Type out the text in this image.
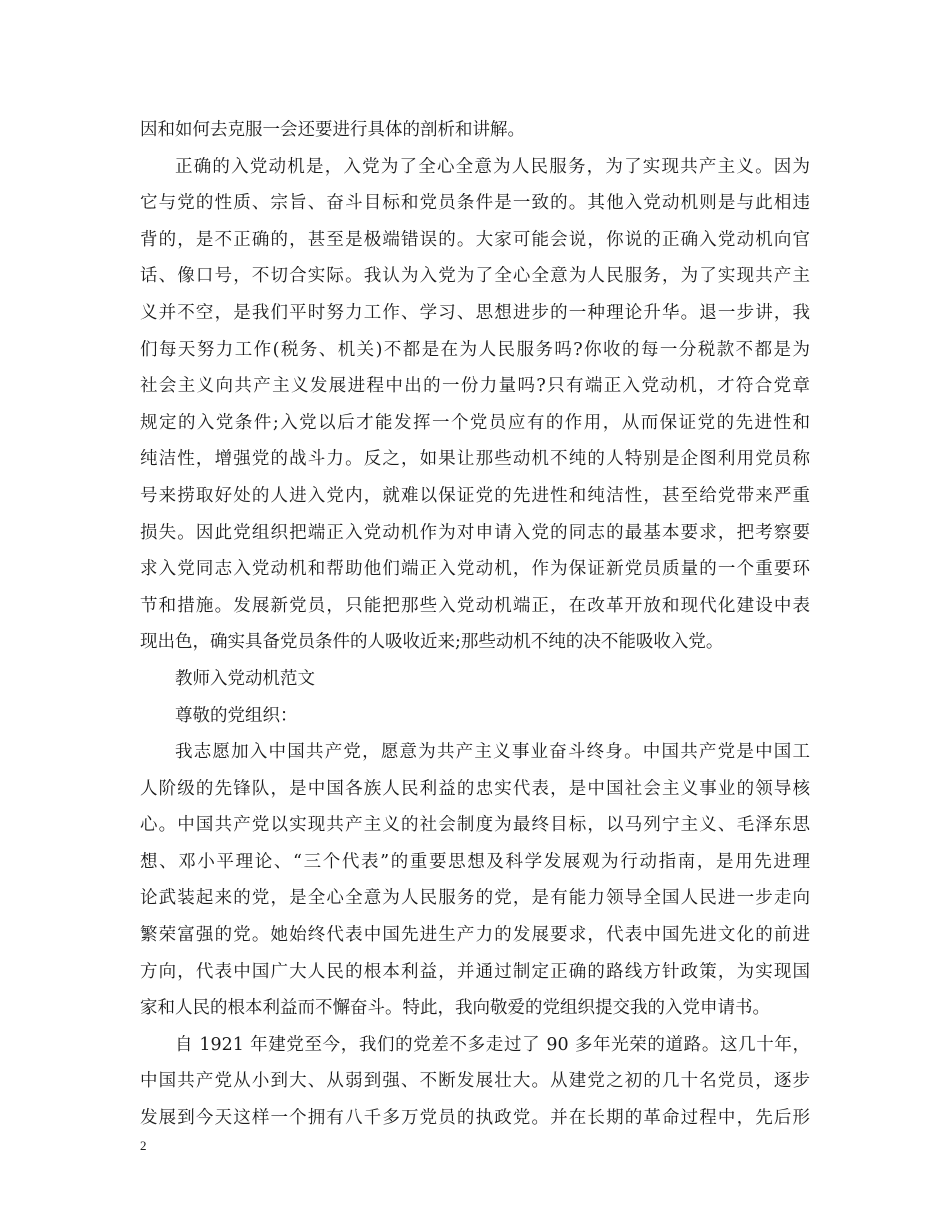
因和如何去克服一会还要进行具体的剖析和讲解。
正确的入党动机是，入党为了全心全意为人民服务，为了实现共产主义。因为
它与党的性质、宗旨、奋斗目标和党员条件是一致的。其他入党动机则是与此相违
背的，是不正确的，甚至是极端错误的。大家可能会说，你说的正确入党动机向官
话、像口号，不切合实际。我认为入党为了全心全意为人民服务，为了实现共产主
义并不空，是我们平时努力工作、学习、思想进步的一种理论升华。退一步讲，我
们每天努力工作(税务、机关)不都是在为人民服务吗?你收的每一分税款不都是为
社会主义向共产主义发展进程中出的一份力量吗?只有端正入党动机，才符合党章
规定的入党条件;入党以后才能发挥一个党员应有的作用，从而保证党的先进性和
纯洁性，增强党的战斗力。反之，如果让那些动机不纯的人特别是企图利用党员称
号来捞取好处的人进入党内，就难以保证党的先进性和纯洁性，甚至给党带来严重
损失。因此党组织把端正入党动机作为对申请入党的同志的最基本要求，把考察要
求入党同志入党动机和帮助他们端正入党动机，作为保证新党员质量的一个重要环
节和措施。发展新党员，只能把那些入党动机端正，在改革开放和现代化建设中表
现出色，确实具备党员条件的人吸收近来;那些动机不纯的决不能吸收入党。
教师入党动机范文
尊敬的党组织：
我志愿加入中国共产党，愿意为共产主义事业奋斗终身。中国共产党是中国工
人阶级的先锋队，是中国各族人民利益的忠实代表，是中国社会主义事业的领导核
心。中国共产党以实现共产主义的社会制度为最终目标，以马列宁主义、毛泽东思
想、邓小平理论、“三个代表”的重要思想及科学发展观为行动指南，是用先进理
论武装起来的党，是全心全意为人民服务的党，是有能力领导全国人民进一步走向
繁荣富强的党。她始终代表中国先进生产力的发展要求，代表中国先进文化的前进
方向，代表中国广大人民的根本利益，并通过制定正确的路线方针政策，为实现国
家和人民的根本利益而不懈奋斗。特此，我向敬爱的党组织提交我的入党申请书。
自 1921 年建党至今，我们的党差不多走过了 90 多年光荣的道路。这几十年，
中国共产党从小到大、从弱到强、不断发展壮大。从建党之初的几十名党员，逐步
发展到今天这样一个拥有八千多万党员的执政党。并在长期的革命过程中，先后形
2
